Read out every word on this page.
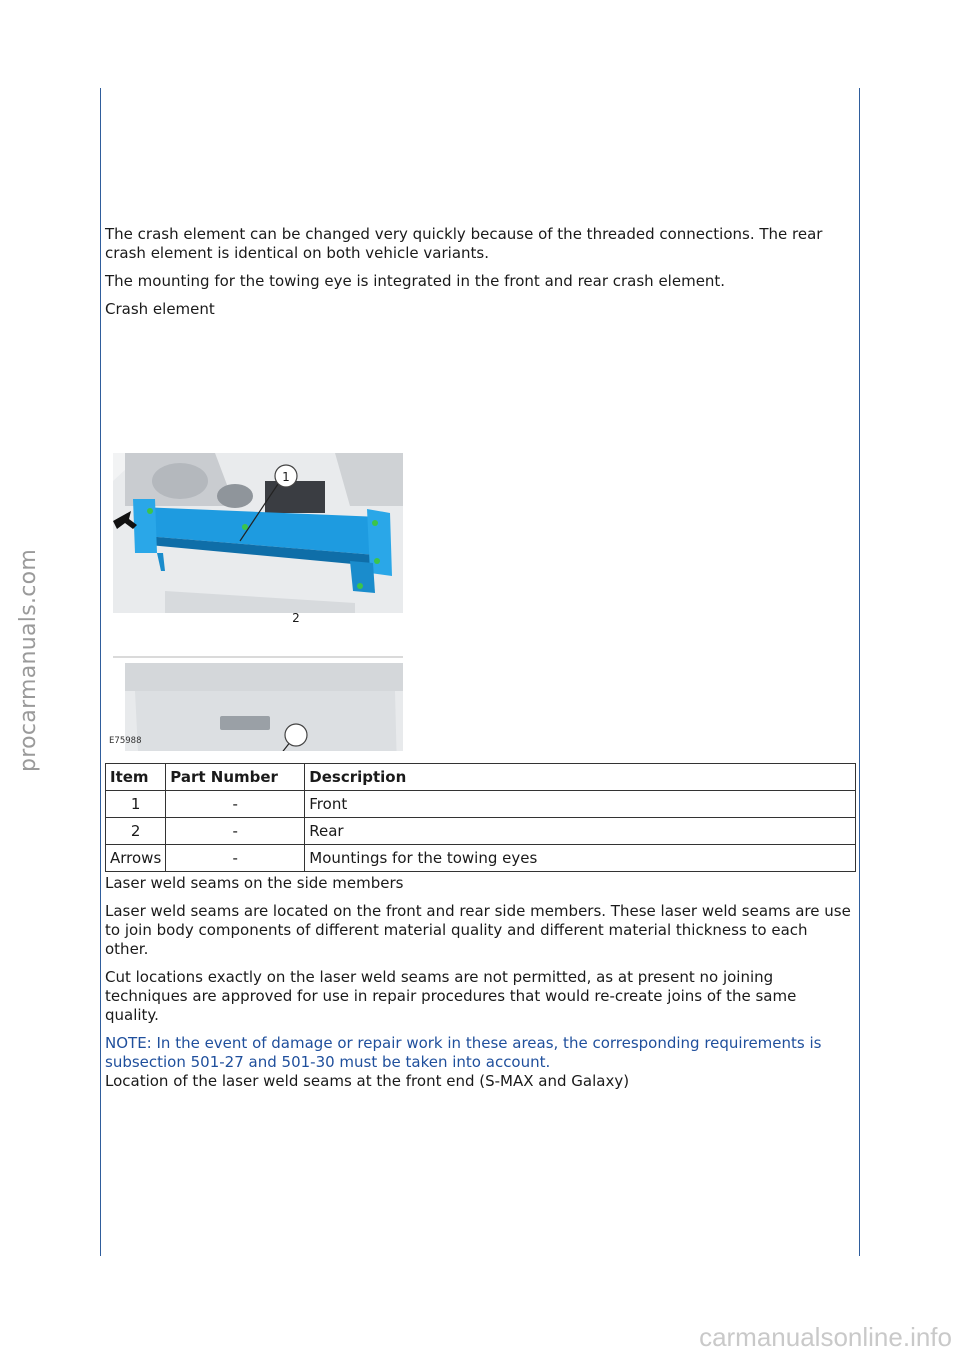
procarmanuals.com
carmanualsonline.info

The crash element can be changed very quickly because of the threaded connections. The rear crash element is identical on both vehicle variants.

The mounting for the towing eye is integrated in the front and rear crash element.

Crash element

1
E75988
Item	Part Number	Description
1	-	Front
2	-	Rear
Arrows	-	Mountings for the towing eyes

Laser weld seams on the side members

Laser weld seams are located on the front and rear side members. These laser weld seams are use to join body components of different material quality and different material thickness to each other.

Cut locations exactly on the laser weld seams are not permitted, as at present no joining techniques are approved for use in repair procedures that would re-create joins of the same quality.

NOTE: In the event of damage or repair work in these areas, the corresponding requirements is subsection 501-27 and 501-30 must be taken into account.

Location of the laser weld seams at the front end (S-MAX and Galaxy)

2
